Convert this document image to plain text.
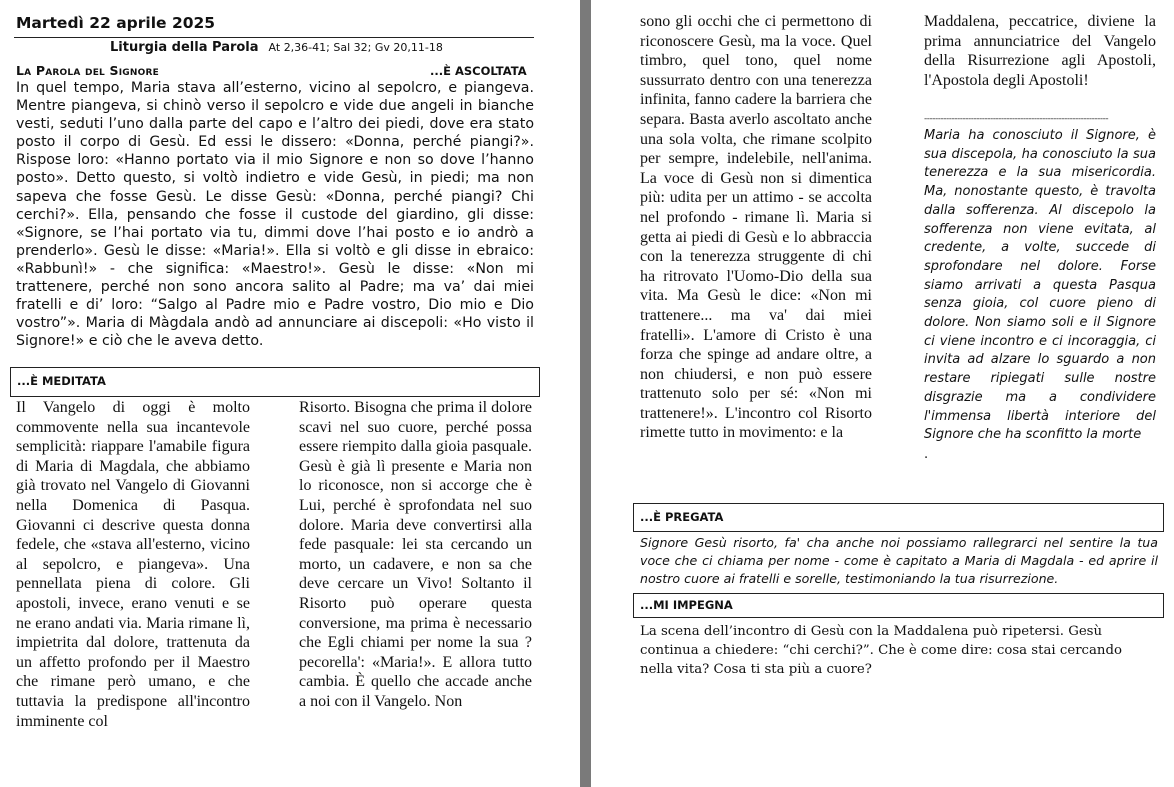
Martedì 22 aprile 2025
Liturgia della Parola At 2,36-41; Sal 32; Gv 20,11-18
La Parola del Signore	...È ASCOLTATA
In quel tempo, Maria stava all’esterno, vicino al sepolcro, e piangeva. Mentre piangeva, si chinò verso il sepolcro e vide due angeli in bianche vesti, seduti l’uno dalla parte del capo e l’altro dei piedi, dove era stato posto il corpo di Gesù. Ed essi le dissero: «Donna, perché piangi?». Rispose loro: «Hanno portato via il mio Signore e non so dove l’hanno posto». Detto questo, si voltò indietro e vide Gesù, in piedi; ma non sapeva che fosse Gesù. Le disse Gesù: «Donna, perché piangi? Chi cerchi?». Ella, pensando che fosse il custode del giardino, gli disse: «Signore, se l’hai portato via tu, dimmi dove l’hai posto e io andrò a prenderlo». Gesù le disse: «Maria!». Ella si voltò e gli disse in ebraico: «Rabbunì!» - che significa: «Maestro!». Gesù le disse: «Non mi trattenere, perché non sono ancora salito al Padre; ma va’ dai miei fratelli e di’ loro: “Salgo al Padre mio e Padre vostro, Dio mio e Dio vostro”». Maria di Màgdala andò ad annunciare ai discepoli: «Ho visto il Signore!» e ciò che le aveva detto.
...È MEDITATA
Il Vangelo di oggi è molto commovente nella sua incantevole semplicità: riappare l'amabile figura di Maria di Magdala, che abbiamo già trovato nel Vangelo di Giovanni nella Domenica di Pasqua. Giovanni ci descrive questa donna fedele, che «stava all'esterno, vicino al sepolcro, e piangeva». Una pennellata piena di colore. Gli apostoli, invece, erano venuti e se ne erano andati via. Maria rimane lì, impietrita dal dolore, trattenuta da un affetto profondo per il Maestro che rimane però umano, e che tuttavia la predispone all'incontro imminente col
Risorto. Bisogna che prima il dolore scavi nel suo cuore, perché possa essere riempito dalla gioia pasquale. Gesù è già lì presente e Maria non lo riconosce, non si accorge che è Lui, perché è sprofondata nel suo dolore. Maria deve convertirsi alla fede pasquale: lei sta cercando un morto, un cadavere, e non sa che deve cercare un Vivo! Soltanto il Risorto può operare questa conversione, ma prima è necessario che Egli chiami per nome la sua ?pecorella': «Maria!». E allora tutto cambia. È quello che accade anche a noi con il Vangelo. Non
sono gli occhi che ci permettono di riconoscere Gesù, ma la voce. Quel timbro, quel tono, quel nome sussurrato dentro con una tenerezza infinita, fanno cadere la barriera che separa. Basta averlo ascoltato anche una sola volta, che rimane scolpito per sempre, indelebile, nell'anima. La voce di Gesù non si dimentica più: udita per un attimo - se accolta nel profondo - rimane lì. Maria si getta ai piedi di Gesù e lo abbraccia con la tenerezza struggente di chi ha ritrovato l'Uomo-Dio della sua vita. Ma Gesù le dice: «Non mi trattenere... ma va' dai miei fratelli». L'amore di Cristo è una forza che spinge ad andare oltre, a non chiudersi, e non può essere trattenuto solo per sé: «Non mi trattenere!». L'incontro col Risorto rimette tutto in movimento: e la
Maddalena, peccatrice, diviene la prima annunciatrice del Vangelo della Risurrezione agli Apostoli, l'Apostola degli Apostoli!
-------------------------------------------------------------------
Maria ha conosciuto il Signore, è sua discepola, ha conosciuto la sua tenerezza e la sua misericordia. Ma, nonostante questo, è travolta dalla sofferenza. Al discepolo la sofferenza non viene evitata, al credente, a volte, succede di sprofondare nel dolore. Forse siamo arrivati a questa Pasqua senza gioia, col cuore pieno di dolore. Non siamo soli e il Signore ci viene incontro e ci incoraggia, ci invita ad alzare lo sguardo a non restare ripiegati sulle nostre disgrazie ma a condividere l'immensa libertà interiore del Signore che ha sconfitto la morte
.
...È PREGATA
Signore Gesù risorto, fa' cha anche noi possiamo rallegrarci nel sentire la tua voce che ci chiama per nome - come è capitato a Maria di Magdala - ed aprire il nostro cuore ai fratelli e sorelle, testimoniando la tua risurrezione.
...MI IMPEGNA
La scena dell’incontro di Gesù con la Maddalena può ripetersi. Gesù continua a chiedere: “chi cerchi?”. Che è come dire: cosa stai cercando nella vita? Cosa ti sta più a cuore?
